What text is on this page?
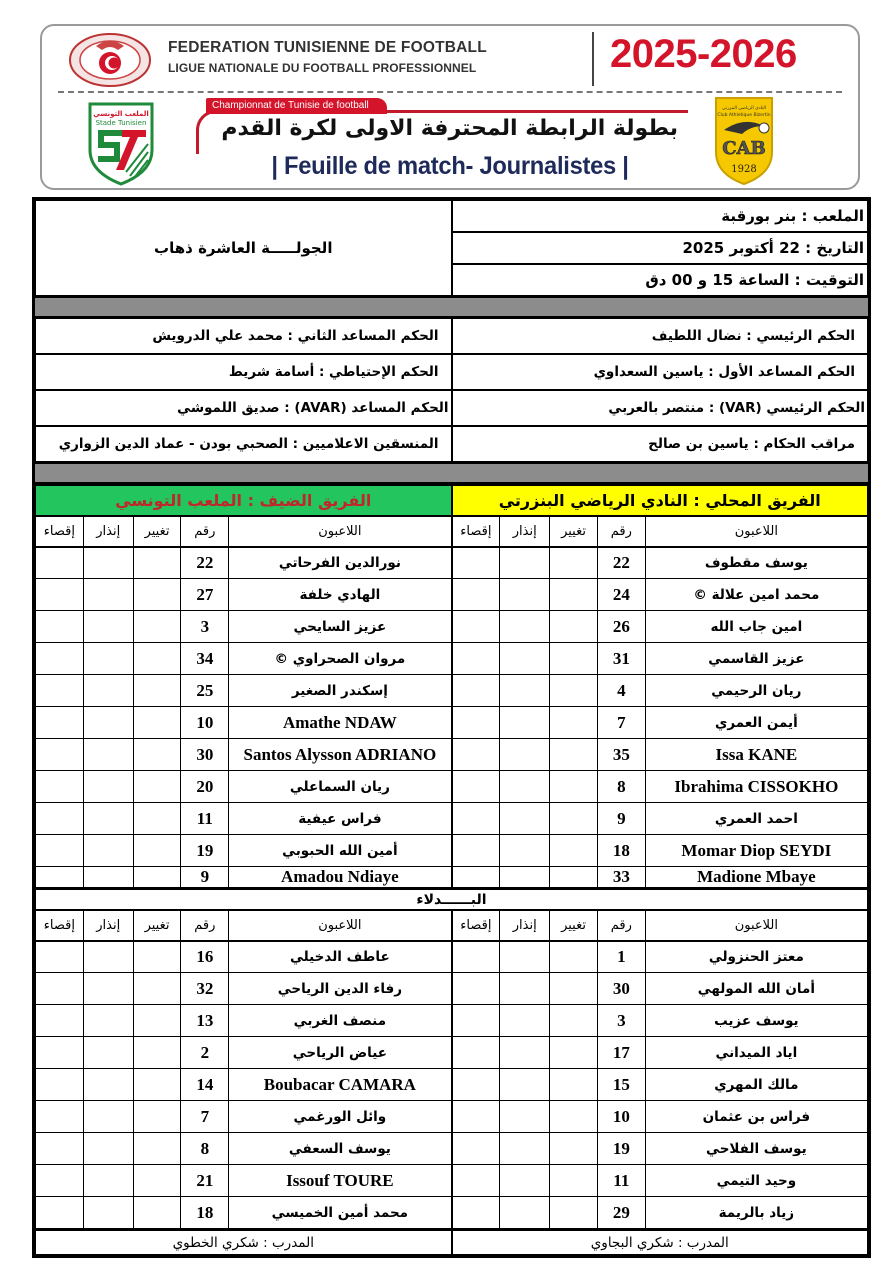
FEDERATION TUNISIENNE DE FOOTBALL
LIGUE NATIONALE DU FOOTBALL PROFESSIONNEL	2025-2026
الملعب التونسي
Stade Tunisien
Championnat de Tunisie de football
بطولة الرابطة المحترفة الاولى لكرة القدم
| Feuille de match- Journalistes |
النادي الرياضي البنزرتي
Club Athletique Bizertin
CAB
1928
الملعب : بنر بورقبة
التاريخ : 22 أكتوبر 2025
التوقيت : الساعة 15 و 00 دق
الجولـــــة العاشرة ذهاب
الحكم الرئيسي : نضال اللطيف
الحكم المساعد الثاني : محمد علي الدرويش
الحكم المساعد الأول : ياسين السعداوي
الحكم الإحتياطي : أسامة شريط
الحكم الرئيسي (VAR) : منتصر بالعربي
الحكم المساعد (AVAR) : صديق اللموشي
مراقب الحكام : ياسين بن صالح
المنسقين الاعلاميين : الصحبي بودن - عماد الدين الزواري
الفريق المحلي : النادي الرياضي البنزرتي
الفريق الضيف : الملعب التونسي
اللاعبون	رقم	تغيير	إنذار	إقصاء
يوسف مقطوف	22			
محمد امين علالة ©	24			
امين جاب الله	26			
عزيز القاسمي	31			
ريان الرحيمي	4			
أيمن العمري	7			
Issa KANE	35			
Ibrahima CISSOKHO	8			
احمد العمري	9			
Momar Diop SEYDI	18			
Madione Mbaye	33			
اللاعبون	رقم	تغيير	إنذار	إقصاء
نورالدين الفرحاتي	22			
الهادي خلفة	27			
عزيز السايحي	3			
مروان الصحراوي ©	34			
إسكندر الصغير	25			
Amathe NDAW	10			
Santos Alysson ADRIANO	30			
ريان السماعلي	20			
فراس عيفية	11			
أمين الله الحبوبي	19			
Amadou Ndiaye	9			
البــــــدلاء
اللاعبون	رقم	تغيير	إنذار	إقصاء
معتز الحنزولي	1			
أمان الله المولهي	30			
يوسف عزيب	3			
اياد الميداني	17			
مالك المهري	15			
فراس بن عثمان	10			
يوسف الفلاحي	19			
وحيد التيمي	11			
زياد بالريمة	29			
اللاعبون	رقم	تغيير	إنذار	إقصاء
عاطف الدخيلي	16			
رفاء الدين الرياحي	32			
منصف الغربي	13			
عياض الرياحي	2			
Boubacar CAMARA	14			
وائل الورغمي	7			
يوسف السعفي	8			
Issouf TOURE	21			
محمد أمين الخميسي	18			
المدرب : شكري البجاوي
المدرب : شكري الخطوي
